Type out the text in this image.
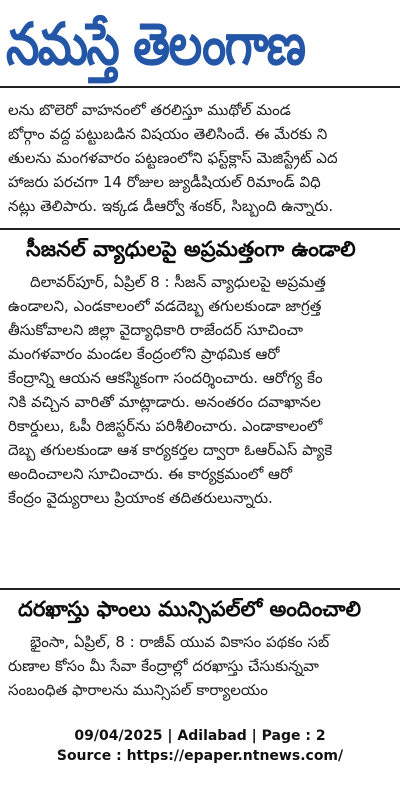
నమస్తే తెలంగాణ
లను బొలెరో వాహనంలో తరలిస్తూ ముథోల్ మండ
బోర్గాం వద్ద పట్టుబడిన విషయం తెలిసిందే. ఈ మేరకు ని
తులను మంగళవారం పట్టణంలోని ఫస్ట్‌క్లాస్ మెజిస్ట్రేట్ ఎద
హాజరు పరచగా 14 రోజుల జ్యుడీషియల్ రిమాండ్ విధి
నట్లు తెలిపారు. ఇక్కడ డీఆర్వో శంకర్, సిబ్బంది ఉన్నారు.
సీజనల్ వ్యాధులపై అప్రమత్తంగా ఉండాలి
దిలావర్‌పూర్, ఏప్రిల్ 8 : సీజన్ వ్యాధులపై అప్రమత్త
ఉండాలని, ఎండకాలంలో వడదెబ్బ తగులకుండా జాగ్రత్త
తీసుకోవాలని జిల్లా వైద్యాధికారి రాజేందర్ సూచించా
మంగళవారం మండల కేంద్రంలోని ప్రాథమిక ఆరో
కేంద్రాన్ని ఆయన ఆకస్మికంగా సందర్శించారు. ఆరోగ్య కేం
నికి వచ్చిన వారితో మాట్లాడారు. అనంతరం దవాఖానల
రికార్డులు, ఓపీ రిజిస్టర్‌ను పరిశీలించారు. ఎండాకాలంలో
దెబ్బ తగులకుండా ఆశ కార్యకర్తల ద్వారా ఓఆర్ఎస్ ప్యాకె
అందించాలని సూచించారు. ఈ కార్యక్రమంలో ఆరో
కేంద్రం వైద్యురాలు ప్రియాంక తదితరులున్నారు.
దరఖాస్తు ఫాంలు మున్సిపల్‌లో అందించాలి
భైంసా, ఏప్రిల్, 8 : రాజీవ్ యువ వికాసం పథకం సబ్
రుణాల కోసం మీ సేవా కేంద్రాల్లో దరఖాస్తు చేసుకున్నవా
సంబంధిత ఫారాలను మున్సిపల్ కార్యాలయం
09/04/2025 | Adilabad | Page : 2
Source : https://epaper.ntnews.com/
